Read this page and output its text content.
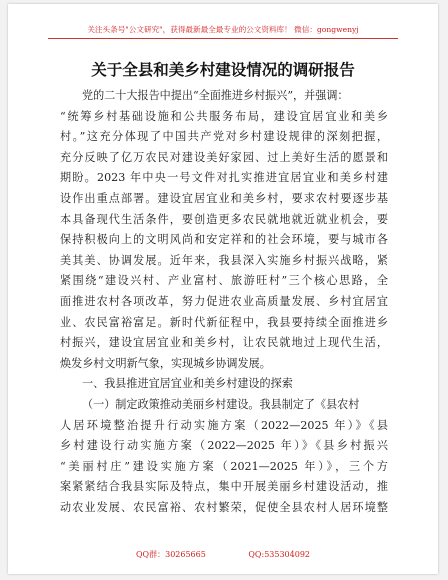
关注头条号"公文研究"，获得最新最全最专业的公文资料库！ 微信：gongwenyj
关于全县和美乡村建设情况的调研报告
党的二十大报告中提出“全面推进乡村振兴”，并强调：
“统筹乡村基础设施和公共服务布局，建设宜居宜业和美乡
村。”这充分体现了中国共产党对乡村建设规律的深刻把握，
充分反映了亿万农民对建设美好家园、过上美好生活的愿景和
期盼。2023 年中央一号文件对扎实推进宜居宜业和美乡村建
设作出重点部署。建设宜居宜业和美乡村，要求农村要逐步基
本具备现代生活条件，要创造更多农民就地就近就业机会，要
保持积极向上的文明风尚和安定祥和的社会环境，要与城市各
美其美、协调发展。近年来，我县深入实施乡村振兴战略，紧
紧围绕“建设兴村、产业富村、旅游旺村”三个核心思路，全
面推进农村各项改革，努力促进农业高质量发展、乡村宜居宜
业、农民富裕富足。新时代新征程中，我县要持续全面推进乡
村振兴，建设宜居宜业和美乡村，让农民就地过上现代生活，
焕发乡村文明新气象，实现城乡协调发展。
一、我县推进宜居宜业和美乡村建设的探索
（一）制定政策推动美丽乡村建设。我县制定了《县农村
人居环境整治提升行动实施方案（2022—2025 年）》《县
乡村建设行动实施方案（2022—2025 年）》《县乡村振兴
“美丽村庄”建设实施方案（2021—2025 年）》，三个方
案紧紧结合我县实际及特点，集中开展美丽乡村建设活动，推
动农业发展、农民富裕、农村繁荣，促使全县农村人居环境整
QQ群：30265665	QQ:535304092
